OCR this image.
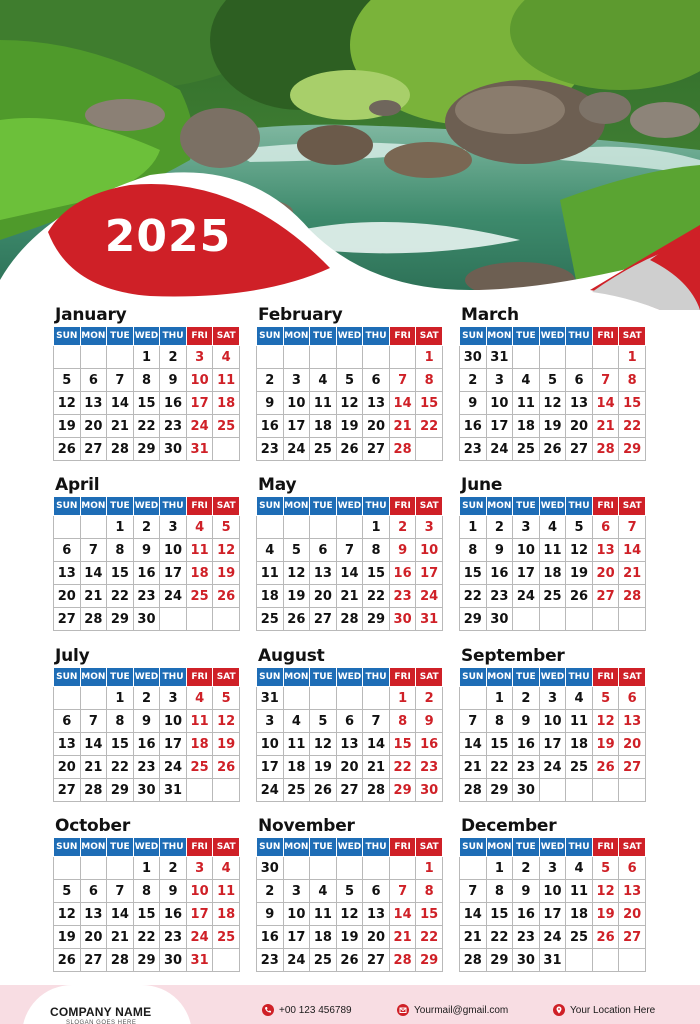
2025
January
SUN	MON	TUE	WED	THU	FRI	SAT
			1	2	3	4
5	6	7	8	9	10	11
12	13	14	15	16	17	18
19	20	21	22	23	24	25
26	27	28	29	30	31	
February
SUN	MON	TUE	WED	THU	FRI	SAT
						1
2	3	4	5	6	7	8
9	10	11	12	13	14	15
16	17	18	19	20	21	22
23	24	25	26	27	28	
March
SUN	MON	TUE	WED	THU	FRI	SAT
30	31					1
2	3	4	5	6	7	8
9	10	11	12	13	14	15
16	17	18	19	20	21	22
23	24	25	26	27	28	29
April
SUN	MON	TUE	WED	THU	FRI	SAT
		1	2	3	4	5
6	7	8	9	10	11	12
13	14	15	16	17	18	19
20	21	22	23	24	25	26
27	28	29	30			
May
SUN	MON	TUE	WED	THU	FRI	SAT
				1	2	3
4	5	6	7	8	9	10
11	12	13	14	15	16	17
18	19	20	21	22	23	24
25	26	27	28	29	30	31
June
SUN	MON	TUE	WED	THU	FRI	SAT
1	2	3	4	5	6	7
8	9	10	11	12	13	14
15	16	17	18	19	20	21
22	23	24	25	26	27	28
29	30					
July
SUN	MON	TUE	WED	THU	FRI	SAT
		1	2	3	4	5
6	7	8	9	10	11	12
13	14	15	16	17	18	19
20	21	22	23	24	25	26
27	28	29	30	31		
August
SUN	MON	TUE	WED	THU	FRI	SAT
31					1	2
3	4	5	6	7	8	9
10	11	12	13	14	15	16
17	18	19	20	21	22	23
24	25	26	27	28	29	30
September
SUN	MON	TUE	WED	THU	FRI	SAT
	1	2	3	4	5	6
7	8	9	10	11	12	13
14	15	16	17	18	19	20
21	22	23	24	25	26	27
28	29	30				
October
SUN	MON	TUE	WED	THU	FRI	SAT
			1	2	3	4
5	6	7	8	9	10	11
12	13	14	15	16	17	18
19	20	21	22	23	24	25
26	27	28	29	30	31	
November
SUN	MON	TUE	WED	THU	FRI	SAT
30						1
2	3	4	5	6	7	8
9	10	11	12	13	14	15
16	17	18	19	20	21	22
23	24	25	26	27	28	29
December
SUN	MON	TUE	WED	THU	FRI	SAT
	1	2	3	4	5	6
7	8	9	10	11	12	13
14	15	16	17	18	19	20
21	22	23	24	25	26	27
28	29	30	31			
COMPANY NAME
SLOGAN GOES HERE
+00 123 456789	Yourmail@gmail.com	Your Location Here
